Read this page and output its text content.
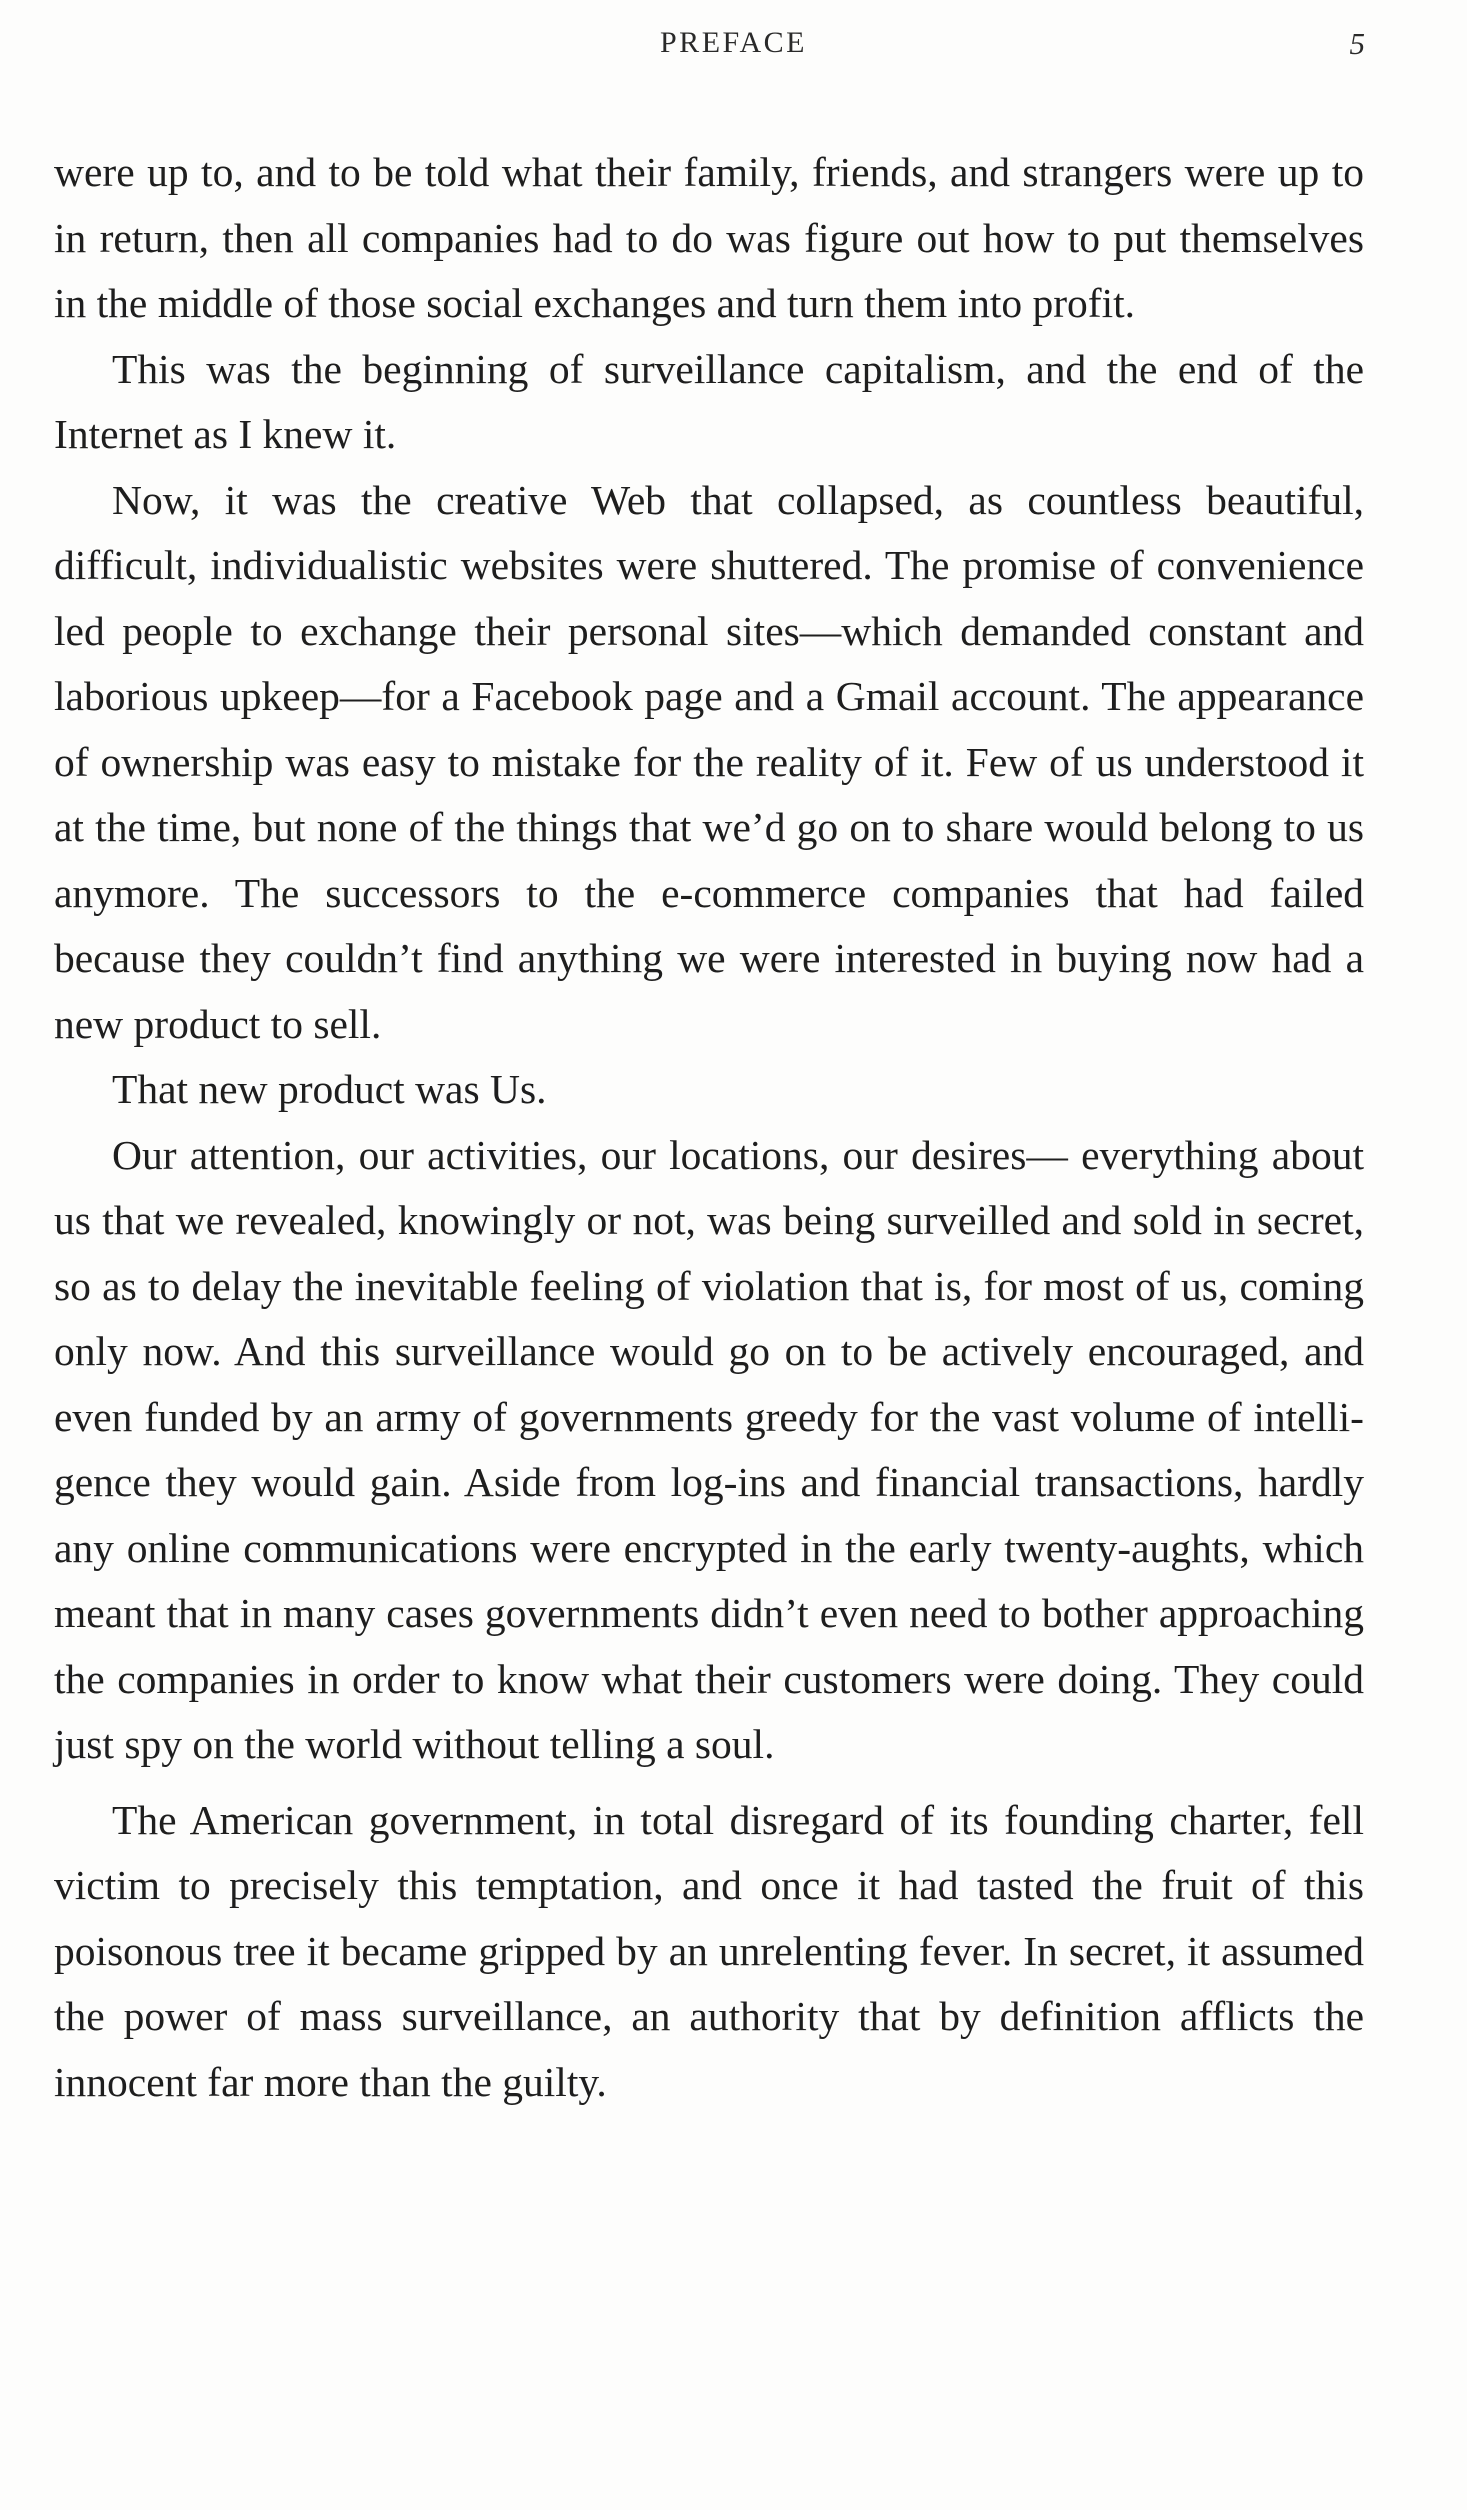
PREFACE	5

were up to, and to be told what their family, friends, and strangers were up to in return, then all companies had to do was figure out how to put themselves in the middle of those social exchanges and turn them into profit.

This was the beginning of surveillance capitalism, and the end of the Internet as I knew it.

Now, it was the creative Web that collapsed, as countless beautiful, difficult, individualistic websites were shuttered. The promise of convenience led people to exchange their personal sites—which demanded constant and laborious upkeep—for a Facebook page and a Gmail account. The appearance of ownership was easy to mistake for the reality of it. Few of us understood it at the time, but none of the things that we’d go on to share would belong to us anymore. The successors to the e-commerce companies that had failed because they couldn’t find anything we were interested in buying now had a new product to sell.

That new product was Us.

Our attention, our activities, our locations, our desires— everything about us that we revealed, knowingly or not, was being surveilled and sold in secret, so as to delay the inevitable feeling of violation that is, for most of us, coming only now. And this surveillance would go on to be actively encouraged, and even funded by an army of governments greedy for the vast volume of intelligence they would gain. Aside from log-ins and financial transactions, hardly any online communications were encrypted in the early twenty-aughts, which meant that in many cases governments didn’t even need to bother approaching the companies in order to know what their customers were doing. They could just spy on the world without telling a soul.

The American government, in total disregard of its founding charter, fell victim to precisely this temptation, and once it had tasted the fruit of this poisonous tree it became gripped by an unrelenting fever. In secret, it assumed the power of mass surveillance, an authority that by definition afflicts the innocent far more than the guilty.
